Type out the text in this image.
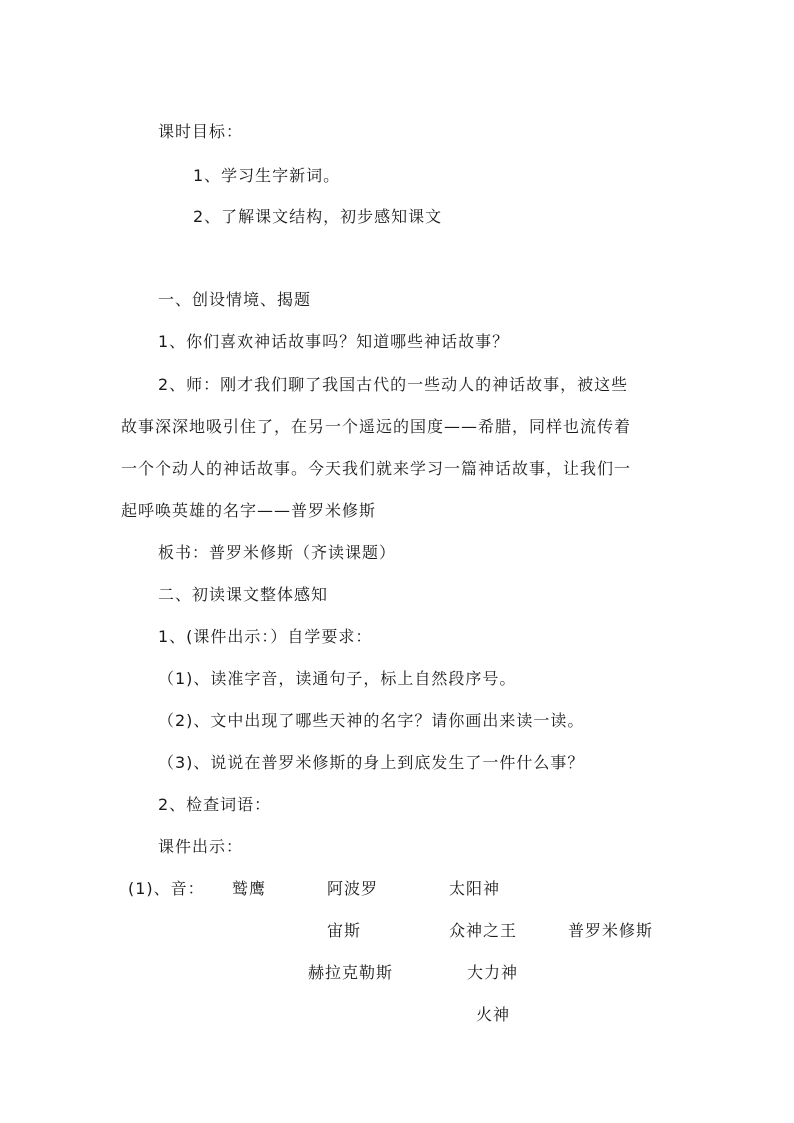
课时目标：
1、学习生字新词。
2、了解课文结构，初步感知课文
一、创设情境、揭题
1、你们喜欢神话故事吗？知道哪些神话故事？
2、师：刚才我们聊了我国古代的一些动人的神话故事，被这些
故事深深地吸引住了，在另一个遥远的国度——希腊，同样也流传着
一个个动人的神话故事。今天我们就来学习一篇神话故事，让我们一
起呼唤英雄的名字——普罗米修斯
板书：普罗米修斯（齐读课题）
二、初读课文整体感知
1、(课件出示：）自学要求：
（1)、读准字音，读通句子，标上自然段序号。
（2)、文中出现了哪些天神的名字？请你画出来读一读。
（3)、说说在普罗米修斯的身上到底发生了一件什么事？
2、检查词语：
课件出示：
(1)、音： 鹫鹰	阿波罗	太阳神
宙斯	众神之王	普罗米修斯
赫拉克勒斯	大力神
火神
